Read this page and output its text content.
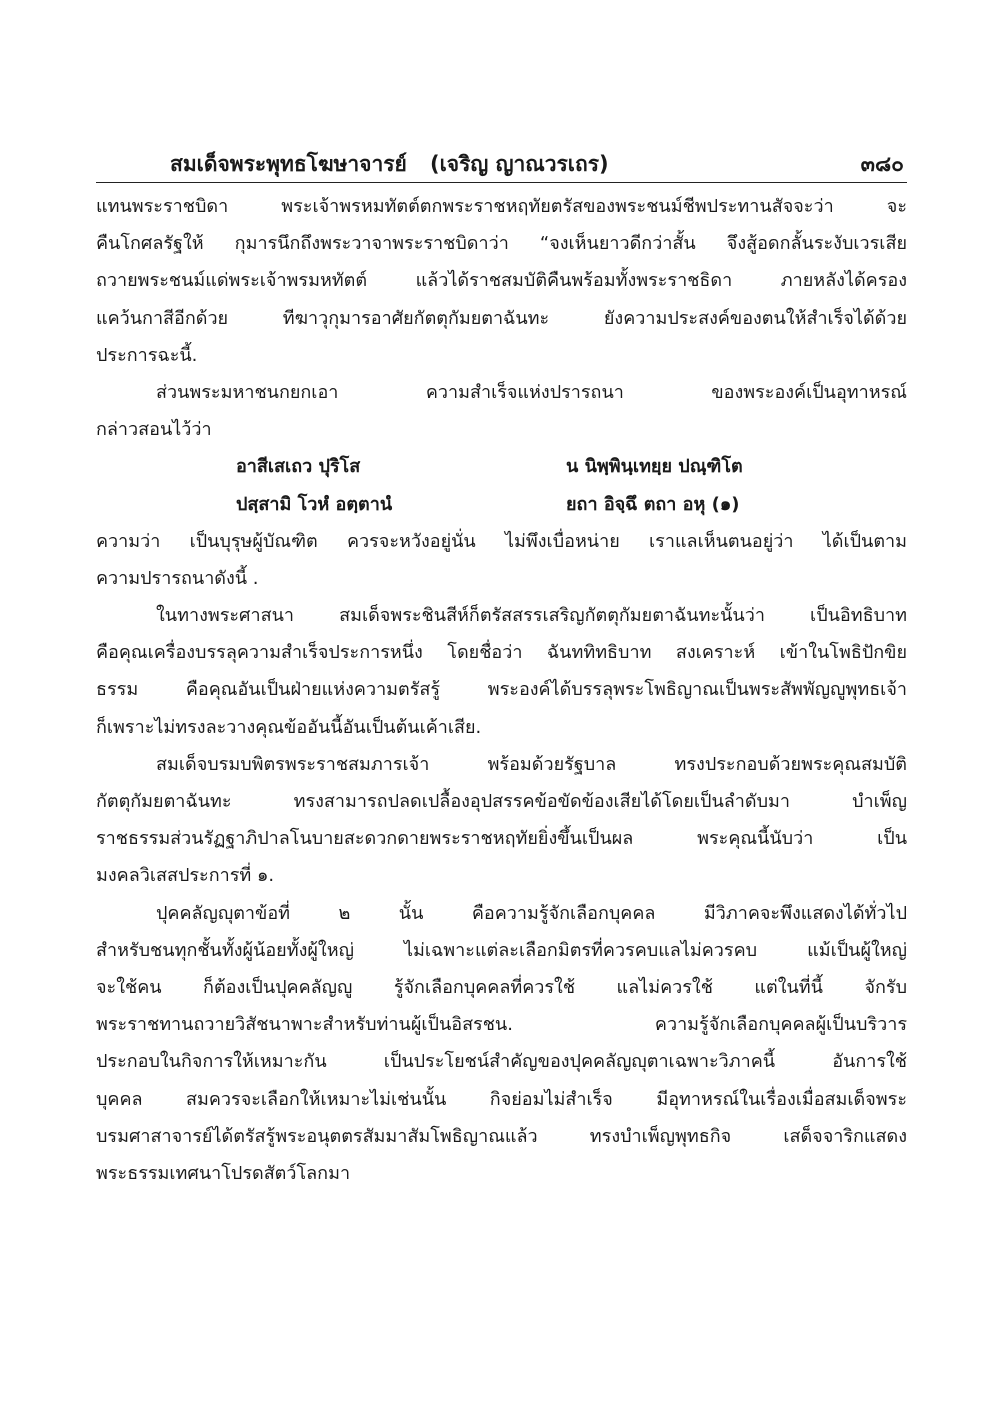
สมเด็จพระพุทธโฆษาจารย์ (เจริญ ญาณวรเถร)	๓๘๐
แทนพระราชบิดา พระเจ้าพรหมทัตต์ตกพระราชหฤทัยตรัสของพระชนม์ชีพประทานสัจจะว่า จะ
คืนโกศลรัฐให้ กุมารนึกถึงพระวาจาพระราชบิดาว่า “จงเห็นยาวดีกว่าสั้น จึงสู้อดกลั้นระงับเวรเสีย
ถวายพระชนม์แด่พระเจ้าพรมหทัตต์ แล้วได้ราชสมบัติคืนพร้อมทั้งพระราชธิดา ภายหลังได้ครอง
แคว้นกาสีอีกด้วย ทีฆาวุกุมารอาศัยกัตตุกัมยตาฉันทะ ยังความประสงค์ของตนให้สำเร็จได้ด้วย
ประการฉะนี้.
ส่วนพระมหาชนกยกเอา ความสำเร็จแห่งปรารถนา ของพระองค์เป็นอุทาหรณ์
กล่าวสอนไว้ว่า
อาสีเสเถว ปุริโส	น นิพฺพินฺเทยฺย ปณฺฑิโต
ปสฺสามิ โวหํ อตฺตานํ	ยถา อิจฺฉึ ตถา อหุ (๑)
ความว่า เป็นบุรุษผู้บัณฑิต ควรจะหวังอยู่นั่น ไม่พึงเบื่อหน่าย เราแลเห็นตนอยู่ว่า ได้เป็นตาม
ความปรารถนาดังนี้ .
ในทางพระศาสนา สมเด็จพระชินสีห์ก็ตรัสสรรเสริญกัตตุกัมยตาฉันทะนั้นว่า เป็นอิทธิบาท
คือคุณเครื่องบรรลุความสำเร็จประการหนึ่ง โดยชื่อว่า ฉันททิทธิบาท สงเคราะห์ เข้าในโพธิปักขิย
ธรรม คือคุณอันเป็นฝ่ายแห่งความตรัสรู้ พระองค์ได้บรรลุพระโพธิญาณเป็นพระสัพพัญญูพุทธเจ้า
ก็เพราะไม่ทรงละวางคุณข้ออันนี้อันเป็นต้นเค้าเสีย.
สมเด็จบรมบพิตรพระราชสมภารเจ้า พร้อมด้วยรัฐบาล ทรงประกอบด้วยพระคุณสมบัติ
กัตตุกัมยตาฉันทะ ทรงสามารถปลดเปลื้องอุปสรรคข้อขัดข้องเสียได้โดยเป็นลำดับมา บำเพ็ญ
ราชธรรมส่วนรัฏฐาภิปาลโนบายสะดวกดายพระราชหฤทัยยิ่งขึ้นเป็นผล พระคุณนี้นับว่า เป็น
มงคลวิเสสประการที่ ๑.
ปุคคลัญญุตาข้อที่ ๒ นั้น คือความรู้จักเลือกบุคคล มีวิภาคจะพึงแสดงได้ทั่วไป
สำหรับชนทุกชั้นทั้งผู้น้อยทั้งผู้ใหญ่ ไม่เฉพาะแต่ละเลือกมิตรที่ควรคบแลไม่ควรคบ แม้เป็นผู้ใหญ่
จะใช้คน ก็ต้องเป็นปุคคลัญญู รู้จักเลือกบุคคลที่ควรใช้ แลไม่ควรใช้ แต่ในที่นี้ จักรับ
พระราชทานถวายวิสัชนาพาะสำหรับท่านผู้เป็นอิสรชน. ความรู้จักเลือกบุคคลผู้เป็นบริวาร
ประกอบในกิจการให้เหมาะกัน เป็นประโยชน์สำคัญของปุคคลัญญุตาเฉพาะวิภาคนี้ อันการใช้
บุคคล สมควรจะเลือกให้เหมาะไม่เช่นนั้น กิจย่อมไม่สำเร็จ มีอุทาหรณ์ในเรื่องเมื่อสมเด็จพระ
บรมศาสาจารย์ได้ตรัสรู้พระอนุตตรสัมมาสัมโพธิญาณแล้ว ทรงบำเพ็ญพุทธกิจ เสด็จจาริกแสดง
พระธรรมเทศนาโปรดสัตว์โลกมา
